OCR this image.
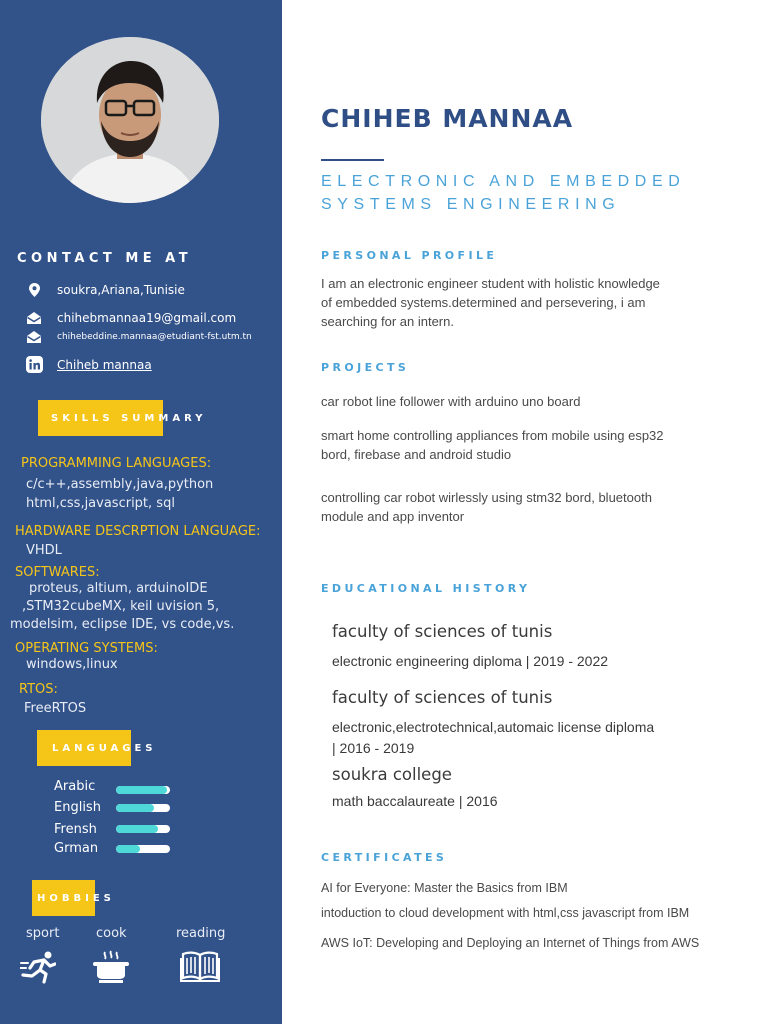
CONTACT ME AT
soukra,Ariana,Tunisie
chihebmannaa19@gmail.com
chihebeddine.mannaa@etudiant-fst.utm.tn
Chiheb mannaa
SKILLS SUMMARY
PROGRAMMING LANGUAGES:
c/c++,assembly,java,python
html,css,javascript, sql
HARDWARE DESCRPTION LANGUAGE:
VHDL
SOFTWARES:
proteus, altium, arduinoIDE
,STM32cubeMX, keil uvision 5,
modelsim, eclipse IDE, vs code,vs.
OPERATING SYSTEMS:
windows,linux
RTOS:
FreeRTOS
LANGUAGES
Arabic
English
Frensh
Grman
HOBBIES
sport	cook	reading
CHIHEB MANNAA
ELECTRONIC AND EMBEDDED
SYSTEMS ENGINEERING
PERSONAL PROFILE
I am an electronic engineer student with holistic knowledge
of embedded systems.determined and persevering, i am
searching for an intern.
PROJECTS
car robot line follower with arduino uno board
smart home controlling appliances from mobile using esp32
bord, firebase and android studio
controlling car robot wirlessly using stm32 bord, bluetooth
module and app inventor
EDUCATIONAL HISTORY
faculty of sciences of tunis
electronic engineering diploma | 2019 - 2022
faculty of sciences of tunis
electronic,electrotechnical,automaic license diploma
| 2016 - 2019
soukra college
math baccalaureate | 2016
CERTIFICATES
AI for Everyone: Master the Basics from IBM
intoduction to cloud development with html,css javascript from IBM
AWS IoT: Developing and Deploying an Internet of Things from AWS
